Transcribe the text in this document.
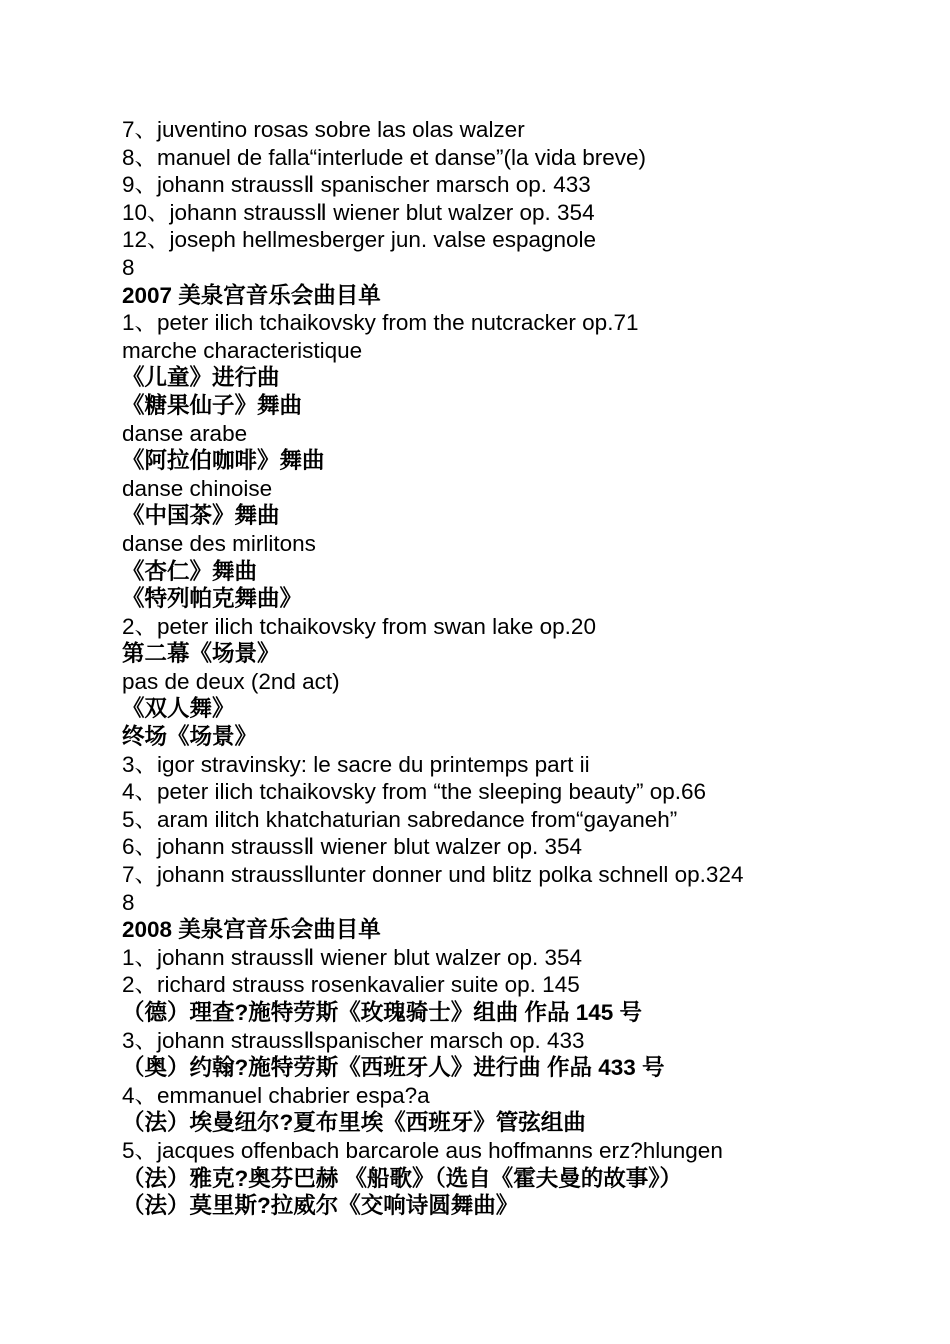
7、juventino rosas sobre las olas walzer
8、manuel de falla“interlude et danse”(la vida breve)
9、johann straussⅡ spanischer marsch op. 433
10、johann straussⅡ wiener blut walzer op. 354
12、joseph hellmesberger jun. valse espagnole
8
2007 美泉宫音乐会曲目单
1、peter ilich tchaikovsky from the nutcracker op.71
marche characteristique
《儿童》进行曲
《糖果仙子》舞曲
danse arabe
《阿拉伯咖啡》舞曲
danse chinoise
《中国茶》舞曲
danse des mirlitons
《杏仁》舞曲
《特列帕克舞曲》
2、peter ilich tchaikovsky from swan lake op.20
第二幕《场景》
pas de deux (2nd act)
《双人舞》
终场《场景》
3、igor stravinsky: le sacre du printemps part ii
4、peter ilich tchaikovsky from “the sleeping beauty” op.66
5、aram ilitch khatchaturian sabredance from“gayaneh”
6、johann straussⅡ wiener blut walzer op. 354
7、johann straussⅡunter donner und blitz polka schnell op.324
8
2008 美泉宫音乐会曲目单
1、johann straussⅡ wiener blut walzer op. 354
2、richard strauss rosenkavalier suite op. 145
（德）理查?施特劳斯《玫瑰骑士》组曲 作品 145 号
3、johann straussⅡspanischer marsch op. 433
（奥）约翰?施特劳斯《西班牙人》进行曲 作品 433 号
4、emmanuel chabrier espa?a
（法）埃曼纽尔?夏布里埃《西班牙》管弦组曲
5、jacques offenbach barcarole aus hoffmanns erz?hlungen
（法）雅克?奥芬巴赫 《船歌》（选自《霍夫曼的故事》）
（法）莫里斯?拉威尔《交响诗圆舞曲》
